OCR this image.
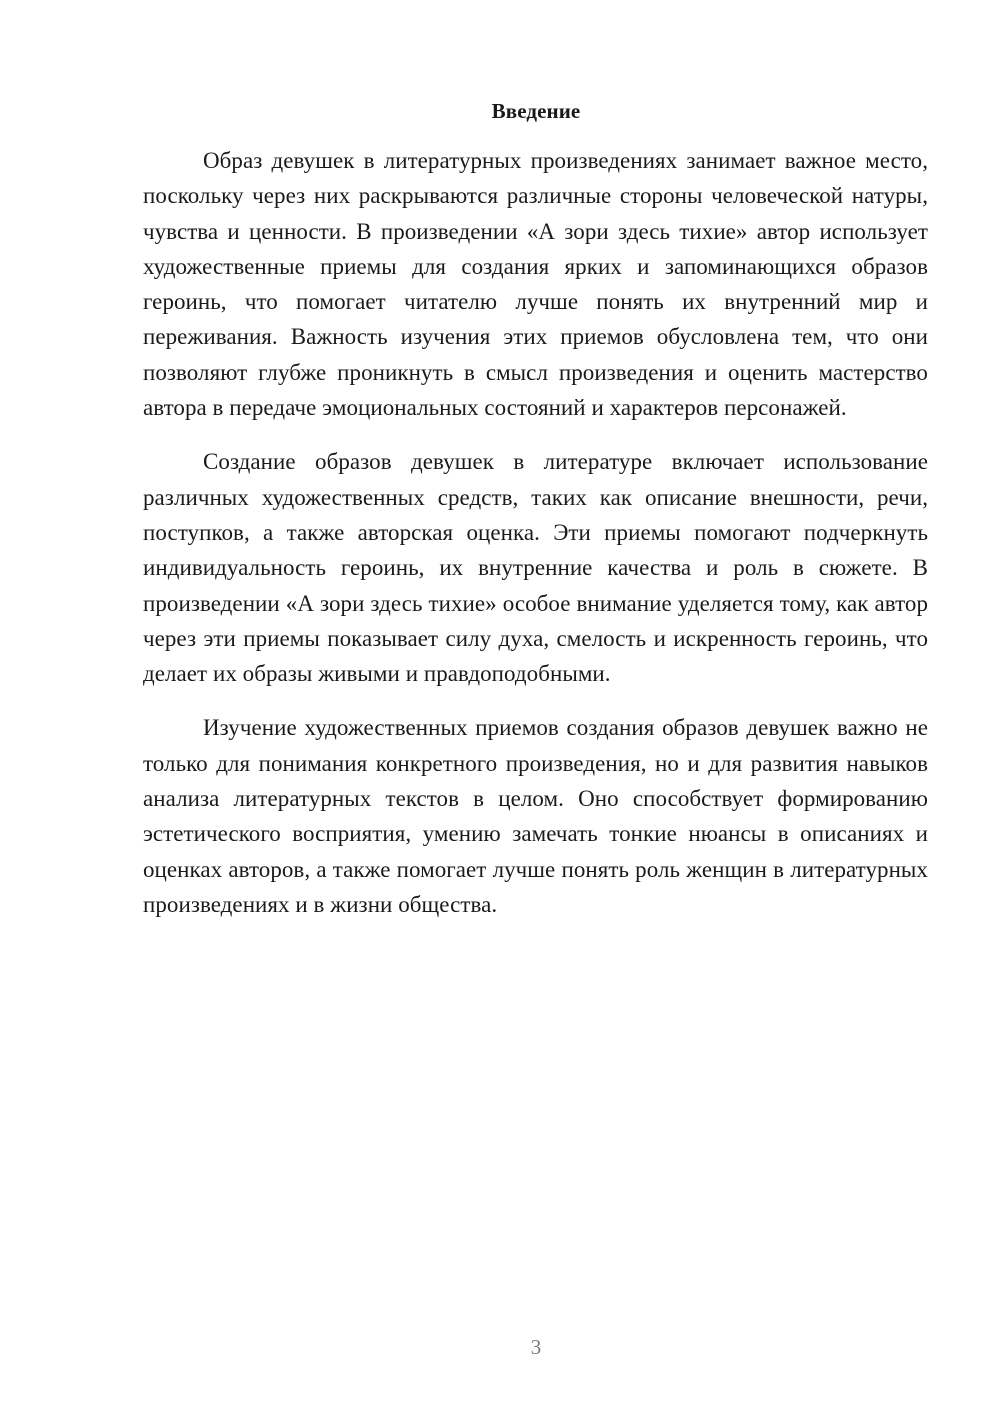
Введение

Образ девушек в литературных произведениях занимает важное место, поскольку через них раскрываются различные стороны человеческой натуры, чувства и ценности. В произведении «А зори здесь тихие» автор использует художественные приемы для создания ярких и запоминающихся образов героинь, что помогает читателю лучше понять их внутренний мир и переживания. Важность изучения этих приемов обусловлена тем, что они позволяют глубже проникнуть в смысл произведения и оценить мастерство автора в передаче эмоциональных состояний и характеров персонажей.

Создание образов девушек в литературе включает использование различных художественных средств, таких как описание внешности, речи, поступков, а также авторская оценка. Эти приемы помогают подчеркнуть индивидуальность героинь, их внутренние качества и роль в сюжете. В произведении «А зори здесь тихие» особое внимание уделяется тому, как автор через эти приемы показывает силу духа, смелость и искренность героинь, что делает их образы живыми и правдоподобными.

Изучение художественных приемов создания образов девушек важно не только для понимания конкретного произведения, но и для развития навыков анализа литературных текстов в целом. Оно способствует формированию эстетического восприятия, умению замечать тонкие нюансы в описаниях и оценках авторов, а также помогает лучше понять роль женщин в литературных произведениях и в жизни общества.

3
